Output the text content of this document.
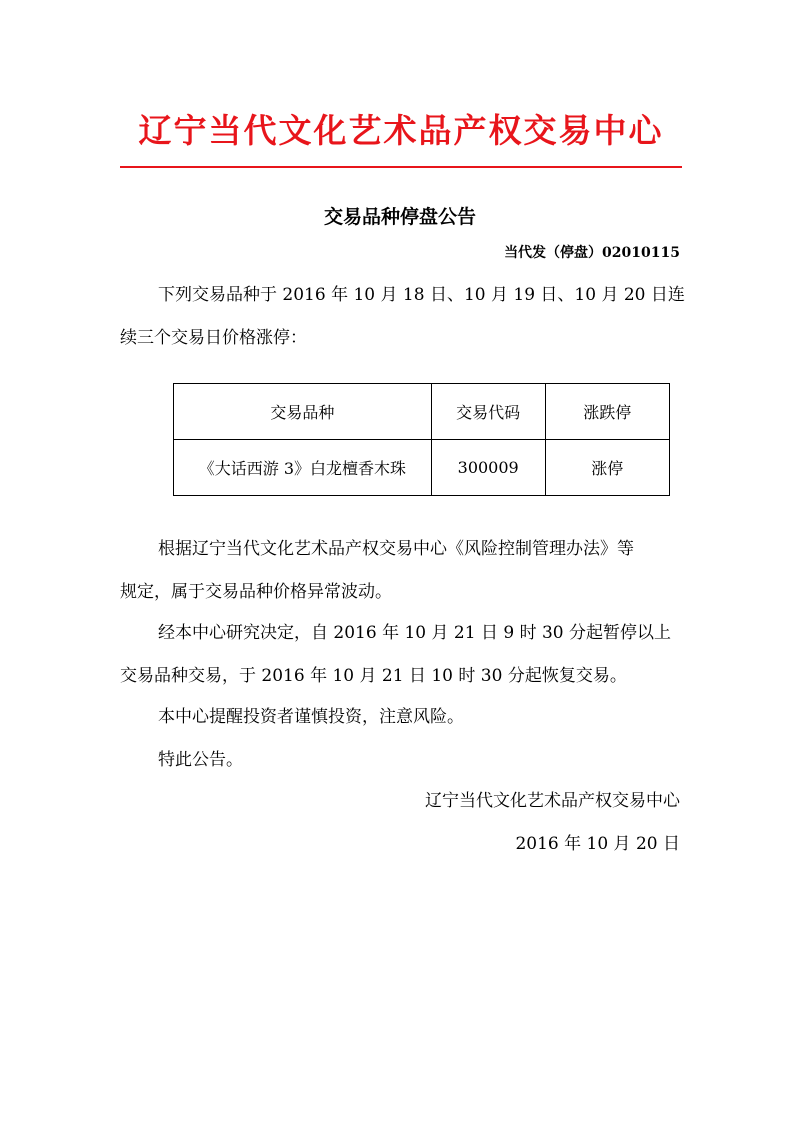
辽宁当代文化艺术品产权交易中心
交易品种停盘公告
当代发（停盘）02010115
下列交易品种于 2016 年 10 月 18 日、10 月 19 日、10 月 20 日连
续三个交易日价格涨停：
交易品种	交易代码	涨跌停
《大话西游 3》白龙檀香木珠	300009	涨停
根据辽宁当代文化艺术品产权交易中心《风险控制管理办法》等
规定，属于交易品种价格异常波动。
经本中心研究决定，自 2016 年 10 月 21 日 9 时 30 分起暂停以上
交易品种交易，于 2016 年 10 月 21 日 10 时 30 分起恢复交易。
本中心提醒投资者谨慎投资，注意风险。
特此公告。
辽宁当代文化艺术品产权交易中心
2016 年 10 月 20 日
